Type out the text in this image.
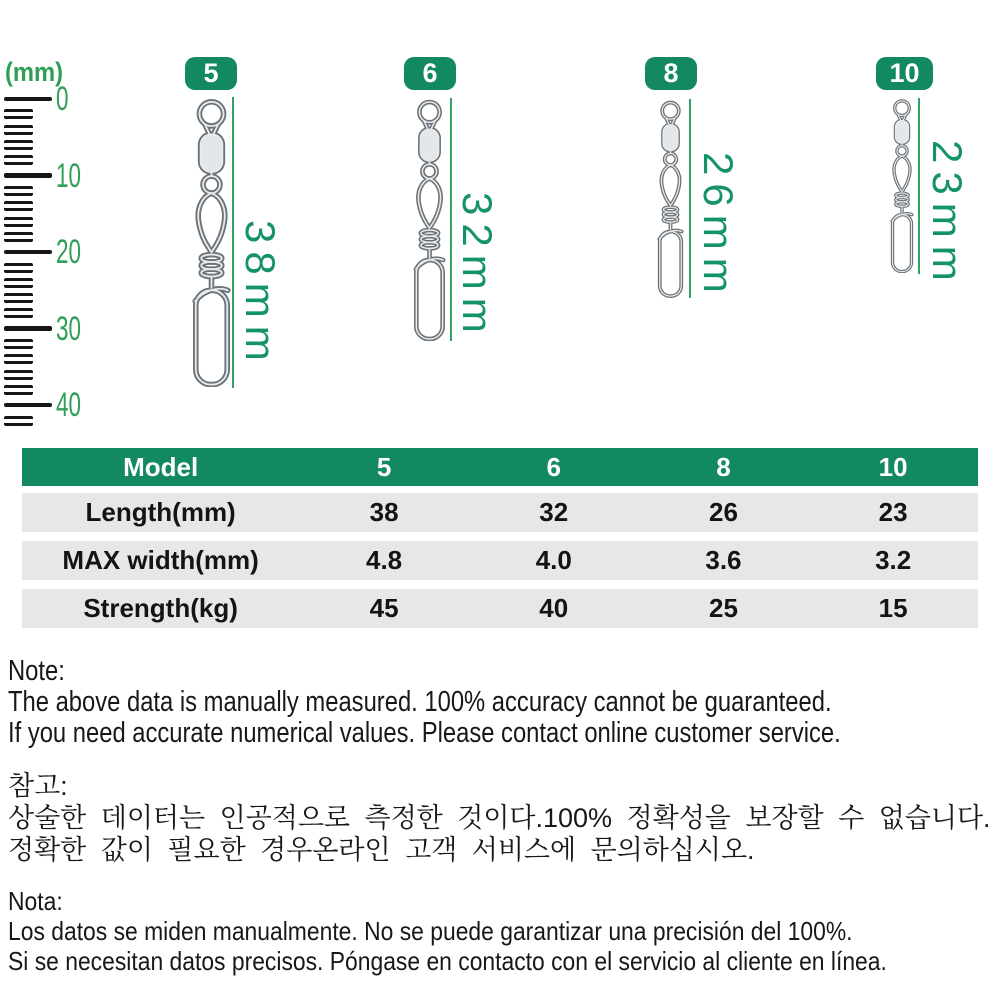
(mm)
0
10
20
30
40
5
38mm
6
32mm
8
26mm
10
23mm
Model	5	6	8	10
Length(mm)	38	32	26	23
MAX width(mm)	4.8	4.0	3.6	3.2
Strength(kg)	45	40	25	15
Note:
The above data is manually measured. 100% accuracy cannot be guaranteed.
If you need accurate numerical values. Please contact online customer service.
참고:
상술한 데이터는 인공적으로 측정한 것이다.100% 정확성을 보장할 수 없습니다.
정확한 값이 필요한 경우온라인 고객 서비스에 문의하십시오.
Nota:
Los datos se miden manualmente. No se puede garantizar una precisión del 100%.
Si se necesitan datos precisos. Póngase en contacto con el servicio al cliente en línea.
